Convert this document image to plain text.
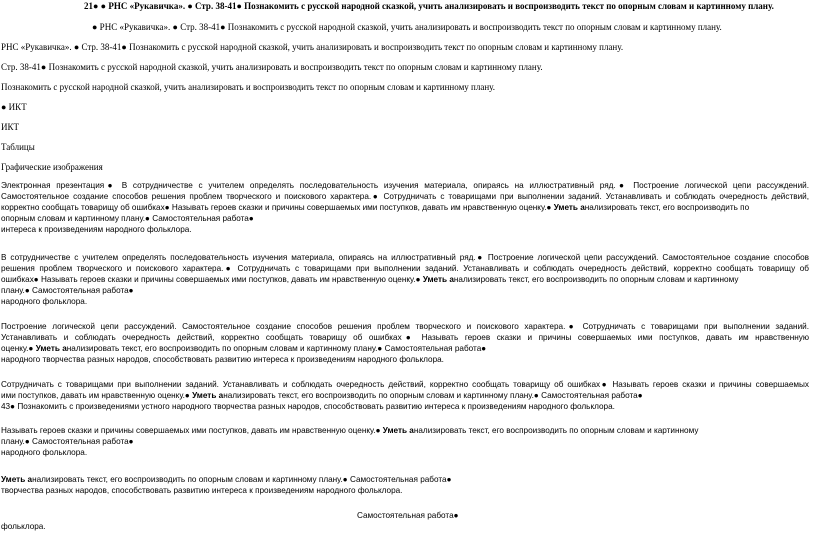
21● ● РНС «Рукавичка». ● Стр. 38-41● Познакомить с русской народной сказкой, учить анализировать и воспроизводить текст по опорным словам и картинному плану.
● РНС «Рукавичка». ● Стр. 38-41● Познакомить с русской народной сказкой, учить анализировать и воспроизводить текст по опорным словам и картинному плану.
РНС «Рукавичка». ● Стр. 38-41● Познакомить с русской народной сказкой, учить анализировать и воспроизводить текст по опорным словам и картинному плану.
Стр. 38-41● Познакомить с русской народной сказкой, учить анализировать и воспроизводить текст по опорным словам и картинному плану.
Познакомить с русской народной сказкой, учить анализировать и воспроизводить текст по опорным словам и картинному плану.
● ИКТ
ИКТ
Таблицы
Графические изображения
Электронная презентация● В сотрудничестве с учителем определять последовательность изучения материала, опираясь на иллюстративный ряд.● Построение логической цепи рассуждений.
Самостоятельное создание способов решения проблем творческого и поискового характера.● Сотрудничать с товарищами при выполнении заданий. Устанавливать и соблюдать очередность действий,
корректно сообщать товарищу об ошибках● Называть героев сказки и причины совершаемых ими поступков, давать им нравственную оценку.● Уметь анализировать текст, его воспроизводить по
опорным словам и картинному плану.● Самостоятельная работа●
интереса к произведениям народного фольклора.
В сотрудничестве с учителем определять последовательность изучения материала, опираясь на иллюстративный ряд.● Построение логической цепи рассуждений. Самостоятельное создание способов
решения проблем творческого и поискового характера.● Сотрудничать с товарищами при выполнении заданий. Устанавливать и соблюдать очередность действий, корректно сообщать товарищу об
ошибках● Называть героев сказки и причины совершаемых ими поступков, давать им нравственную оценку.● Уметь анализировать текст, его воспроизводить по опорным словам и картинному
плану.● Самостоятельная работа●
народного фольклора.
Построение логической цепи рассуждений. Самостоятельное создание способов решения проблем творческого и поискового характера.● Сотрудничать с товарищами при выполнении заданий.
Устанавливать и соблюдать очередность действий, корректно сообщать товарищу об ошибках● Называть героев сказки и причины совершаемых ими поступков, давать им нравственную
оценку.● Уметь анализировать текст, его воспроизводить по опорным словам и картинному плану.● Самостоятельная работа●
народного творчества разных народов, способствовать развитию интереса к произведениям народного фольклора.
Сотрудничать с товарищами при выполнении заданий. Устанавливать и соблюдать очередность действий, корректно сообщать товарищу об ошибках● Называть героев сказки и причины совершаемых
ими поступков, давать им нравственную оценку.● Уметь анализировать текст, его воспроизводить по опорным словам и картинному плану.● Самостоятельная работа●
43● Познакомить с произведениями устного народного творчества разных народов, способствовать развитию интереса к произведениям народного фольклора.
Называть героев сказки и причины совершаемых ими поступков, давать им нравственную оценку.● Уметь анализировать текст, его воспроизводить по опорным словам и картинному
плану.● Самостоятельная работа●
народного фольклора.
Уметь анализировать текст, его воспроизводить по опорным словам и картинному плану.● Самостоятельная работа●
творчества разных народов, способствовать развитию интереса к произведениям народного фольклора.
Самостоятельная работа●
фольклора.
